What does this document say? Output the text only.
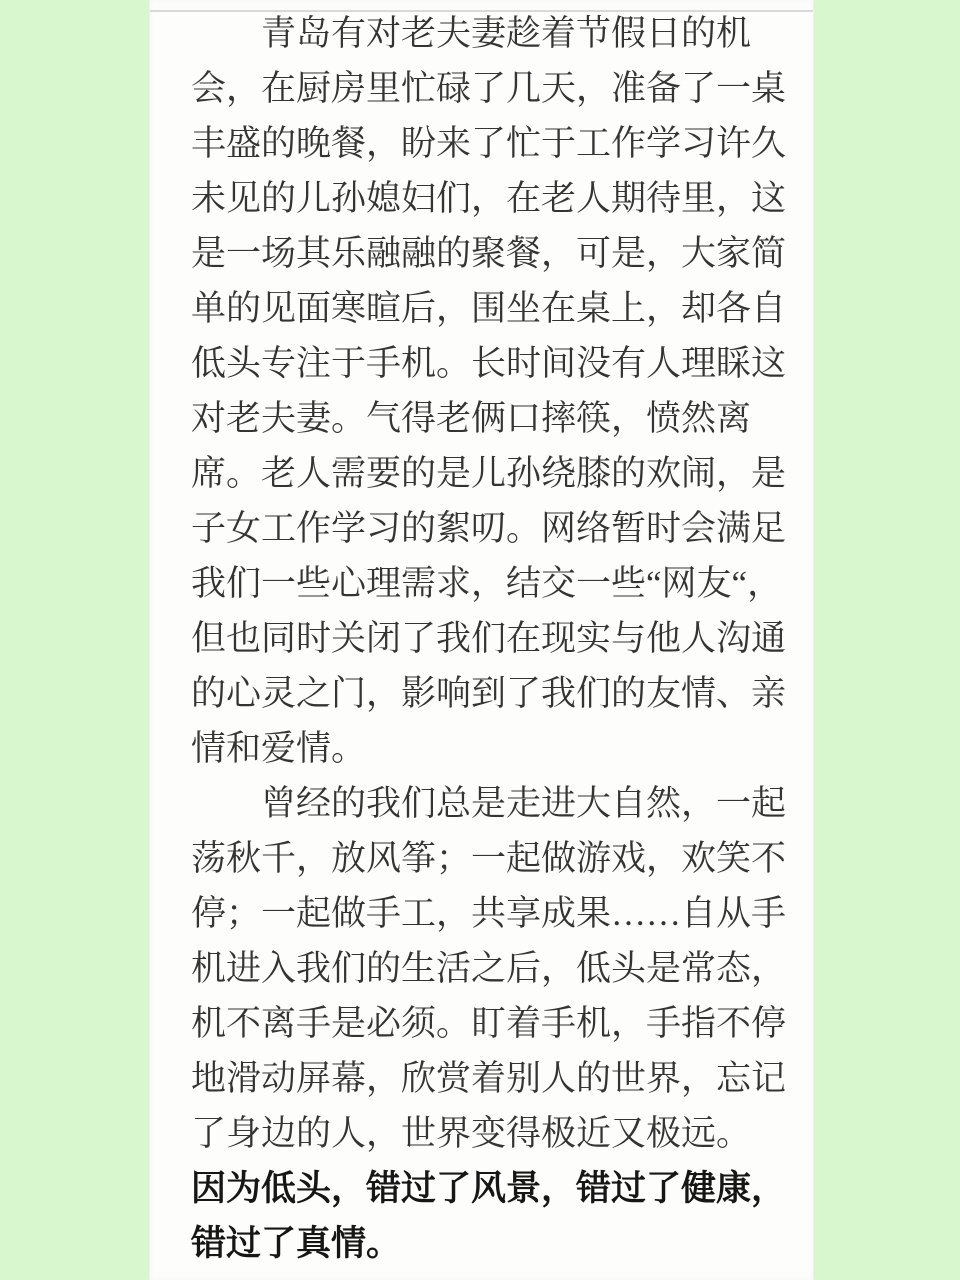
青岛有对老夫妻趁着节假日的机
会，在厨房里忙碌了几天，准备了一桌
丰盛的晚餐，盼来了忙于工作学习许久
未见的儿孙媳妇们，在老人期待里，这
是一场其乐融融的聚餐，可是，大家简
单的见面寒暄后，围坐在桌上，却各自
低头专注于手机。长时间没有人理睬这
对老夫妻。气得老俩口摔筷，愤然离
席。老人需要的是儿孙绕膝的欢闹，是
子女工作学习的絮叨。网络暂时会满足
我们一些心理需求，结交一些“网友“，
但也同时关闭了我们在现实与他人沟通
的心灵之门，影响到了我们的友情、亲
情和爱情。
曾经的我们总是走进大自然，一起
荡秋千，放风筝；一起做游戏，欢笑不
停；一起做手工，共享成果……自从手
机进入我们的生活之后，低头是常态，
机不离手是必须。盯着手机，手指不停
地滑动屏幕，欣赏着别人的世界，忘记
了身边的人，世界变得极近又极远。
因为低头，错过了风景，错过了健康，
错过了真情。
